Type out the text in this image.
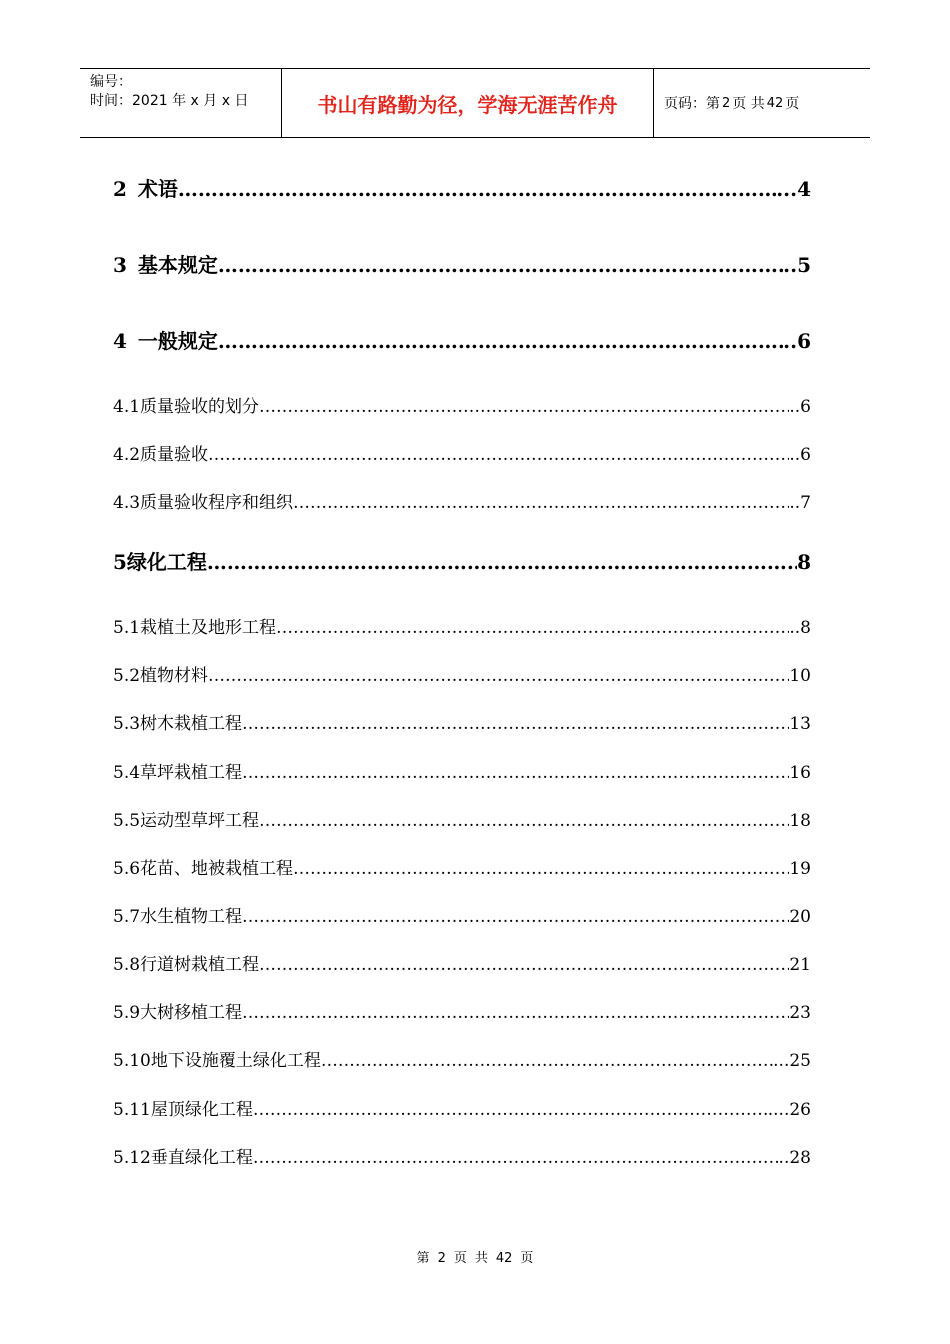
编号：
时间：2021 年 x 月 x 日	书山有路勤为径，学海无涯苦作舟	页码：第 2 页 共 42 页
2 术语 ……………………………………………………………………………………………………………………………………………………………………	...4
3 基本规定 ……………………………………………………………………………………………………………………………………………………………………	..5
4 一般规定 ……………………………………………………………………………………………………………………………………………………………………	..6
4.1 质量验收的划分 ……………………………………………………………………………………………………………………………………………………………………	..6
4.2 质量验收 ……………………………………………………………………………………………………………………………………………………………………	..6
4.3 质量验收程序和组织 ……………………………………………………………………………………………………………………………………………………………………	..7
5 绿化工程 ……………………………………………………………………………………………………………………………………………………………………	8
5.1 栽植土及地形工程 ……………………………………………………………………………………………………………………………………………………………………	..8
5.2 植物材料 ……………………………………………………………………………………………………………………………………………………………………	10
5.3 树木栽植工程 ……………………………………………………………………………………………………………………………………………………………………	13
5.4 草坪栽植工程 ……………………………………………………………………………………………………………………………………………………………………	16
5.5 运动型草坪工程 ……………………………………………………………………………………………………………………………………………………………………	18
5.6 花苗、地被栽植工程 ……………………………………………………………………………………………………………………………………………………………………	19
5.7 水生植物工程 ……………………………………………………………………………………………………………………………………………………………………	20
5.8 行道树栽植工程 ……………………………………………………………………………………………………………………………………………………………………	21
5.9 大树移植工程 ……………………………………………………………………………………………………………………………………………………………………	23
5.10 地下设施覆土绿化工程 ……………………………………………………………………………………………………………………………………………………………………	...25
5.11 屋顶绿化工程 ……………………………………………………………………………………………………………………………………………………………………	....26
5.12 垂直绿化工程 ……………………………………………………………………………………………………………………………………………………………………	..28
第 2 页 共 42 页
